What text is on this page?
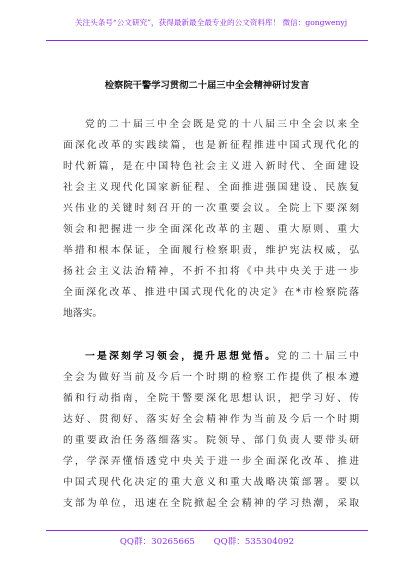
关注头条号“公文研究”，获得最新最全最专业的公文资料库！ 微信：gongwenyj
检察院干警学习贯彻二十届三中全会精神研讨发言
党的二十届三中全会既是党的十八届三中全会以来全
面深化改革的实践续篇，也是新征程推进中国式现代化的
时代新篇，是在中国特色社会主义进入新时代、全面建设
社会主义现代化国家新征程、全面推进强国建设、民族复
兴伟业的关键时刻召开的一次重要会议。全院上下要深刻
领会和把握进一步全面深化改革的主题、重大原则、重大
举措和根本保证，全面履行检察职责，维护宪法权威，弘
扬社会主义法治精神，不折不扣将《中共中央关于进一步
全面深化改革、推进中国式现代化的决定》在*市检察院落
地落实。
一是深刻学习领会，提升思想觉悟。党的二十届三中
全会为做好当前及今后一个时期的检察工作提供了根本遵
循和行动指南，全院干警要深化思想认识，把学习好、传
达好、贯彻好、落实好全会精神作为当前及今后一个时期
的重要政治任务落细落实。院领导、部门负责人要带头研
学，学深弄懂悟透党中央关于进一步全面深化改革、推进
中国式现代化决定的重大意义和重大战略决策部署。要以
支部为单位，迅速在全院掀起全会精神的学习热潮，采取
QQ群：30265665 QQ群：535304092
